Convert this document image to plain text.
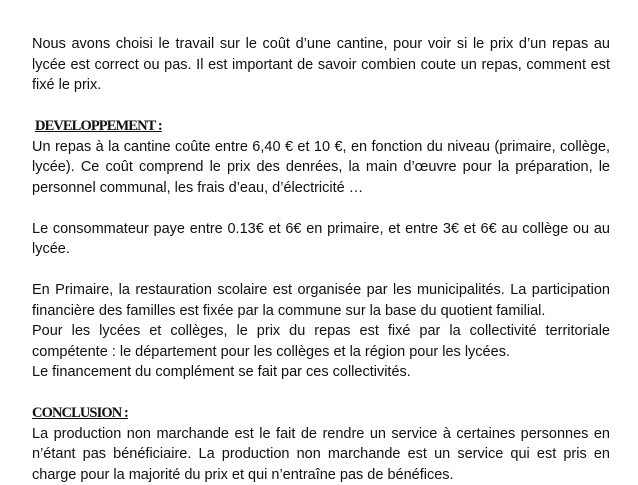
Nous avons choisi le travail sur le coût d’une cantine, pour voir si le prix d’un repas au lycée est correct ou pas. Il est important de savoir combien coute un repas, comment est fixé le prix.

DEVELOPPEMENT :

Un repas à la cantine coûte entre 6,40 € et 10 €, en fonction du niveau (primaire, collège, lycée). Ce coût comprend le prix des denrées, la main d’œuvre pour la préparation, le personnel communal, les frais d’eau, d’électricité …

Le consommateur paye entre 0.13€ et 6€ en primaire, et entre 3€ et 6€ au collège ou au lycée.

En Primaire, la restauration scolaire est organisée par les municipalités. La participation financière des familles est fixée par la commune sur la base du quotient familial.

Pour les lycées et collèges, le prix du repas est fixé par la collectivité territoriale compétente : le département pour les collèges et la région pour les lycées.

Le financement du complément se fait par ces collectivités.

CONCLUSION :

La production non marchande est le fait de rendre un service à certaines personnes en n’étant pas bénéficiaire. La production non marchande est un service qui est pris en charge pour la majorité du prix et qui n’entraîne pas de bénéfices.
